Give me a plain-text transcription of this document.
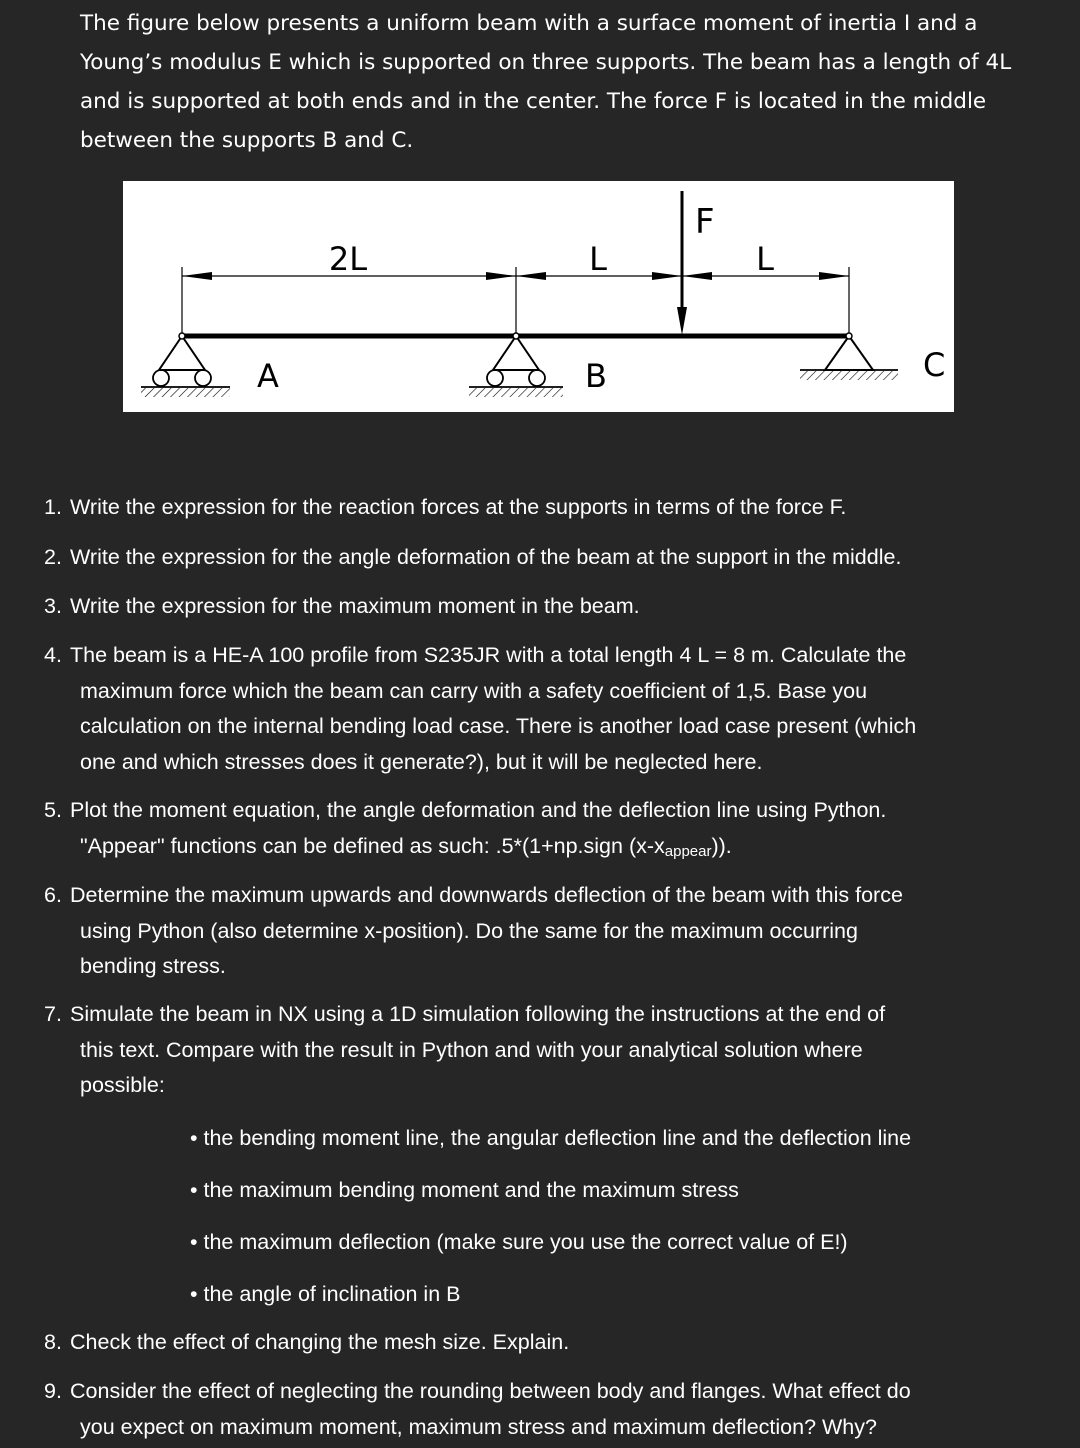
The figure below presents a uniform beam with a surface moment of inertia I and a Young’s modulus E which is supported on three supports. The beam has a length of 4L and is supported at both ends and in the center. The force F is located in the middle between the supports B and C.

2L	L	L
F
A	B	C

1. Write the expression for the reaction forces at the supports in terms of the force F.

2. Write the expression for the angle deformation of the beam at the support in the middle.

3. Write the expression for the maximum moment in the beam.

4. The beam is a HE-A 100 profile from S235JR with a total length 4 L = 8 m. Calculate the
maximum force which the beam can carry with a safety coefficient of 1,5. Base you
calculation on the internal bending load case. There is another load case present (which
one and which stresses does it generate?), but it will be neglected here.

5. Plot the moment equation, the angle deformation and the deflection line using Python.
"Appear" functions can be defined as such: .5*(1+np.sign $(x-x_{appear})$).

6. Determine the maximum upwards and downwards deflection of the beam with this force
using Python (also determine x-position). Do the same for the maximum occurring
bending stress.

7. Simulate the beam in NX using a 1D simulation following the instructions at the end of
this text. Compare with the result in Python and with your analytical solution where
possible:

• the bending moment line, the angular deflection line and the deflection line

• the maximum bending moment and the maximum stress

• the maximum deflection (make sure you use the correct value of E!)

• the angle of inclination in B

8. Check the effect of changing the mesh size. Explain.

9. Consider the effect of neglecting the rounding between body and flanges. What effect do
you expect on maximum moment, maximum stress and maximum deflection? Why?
